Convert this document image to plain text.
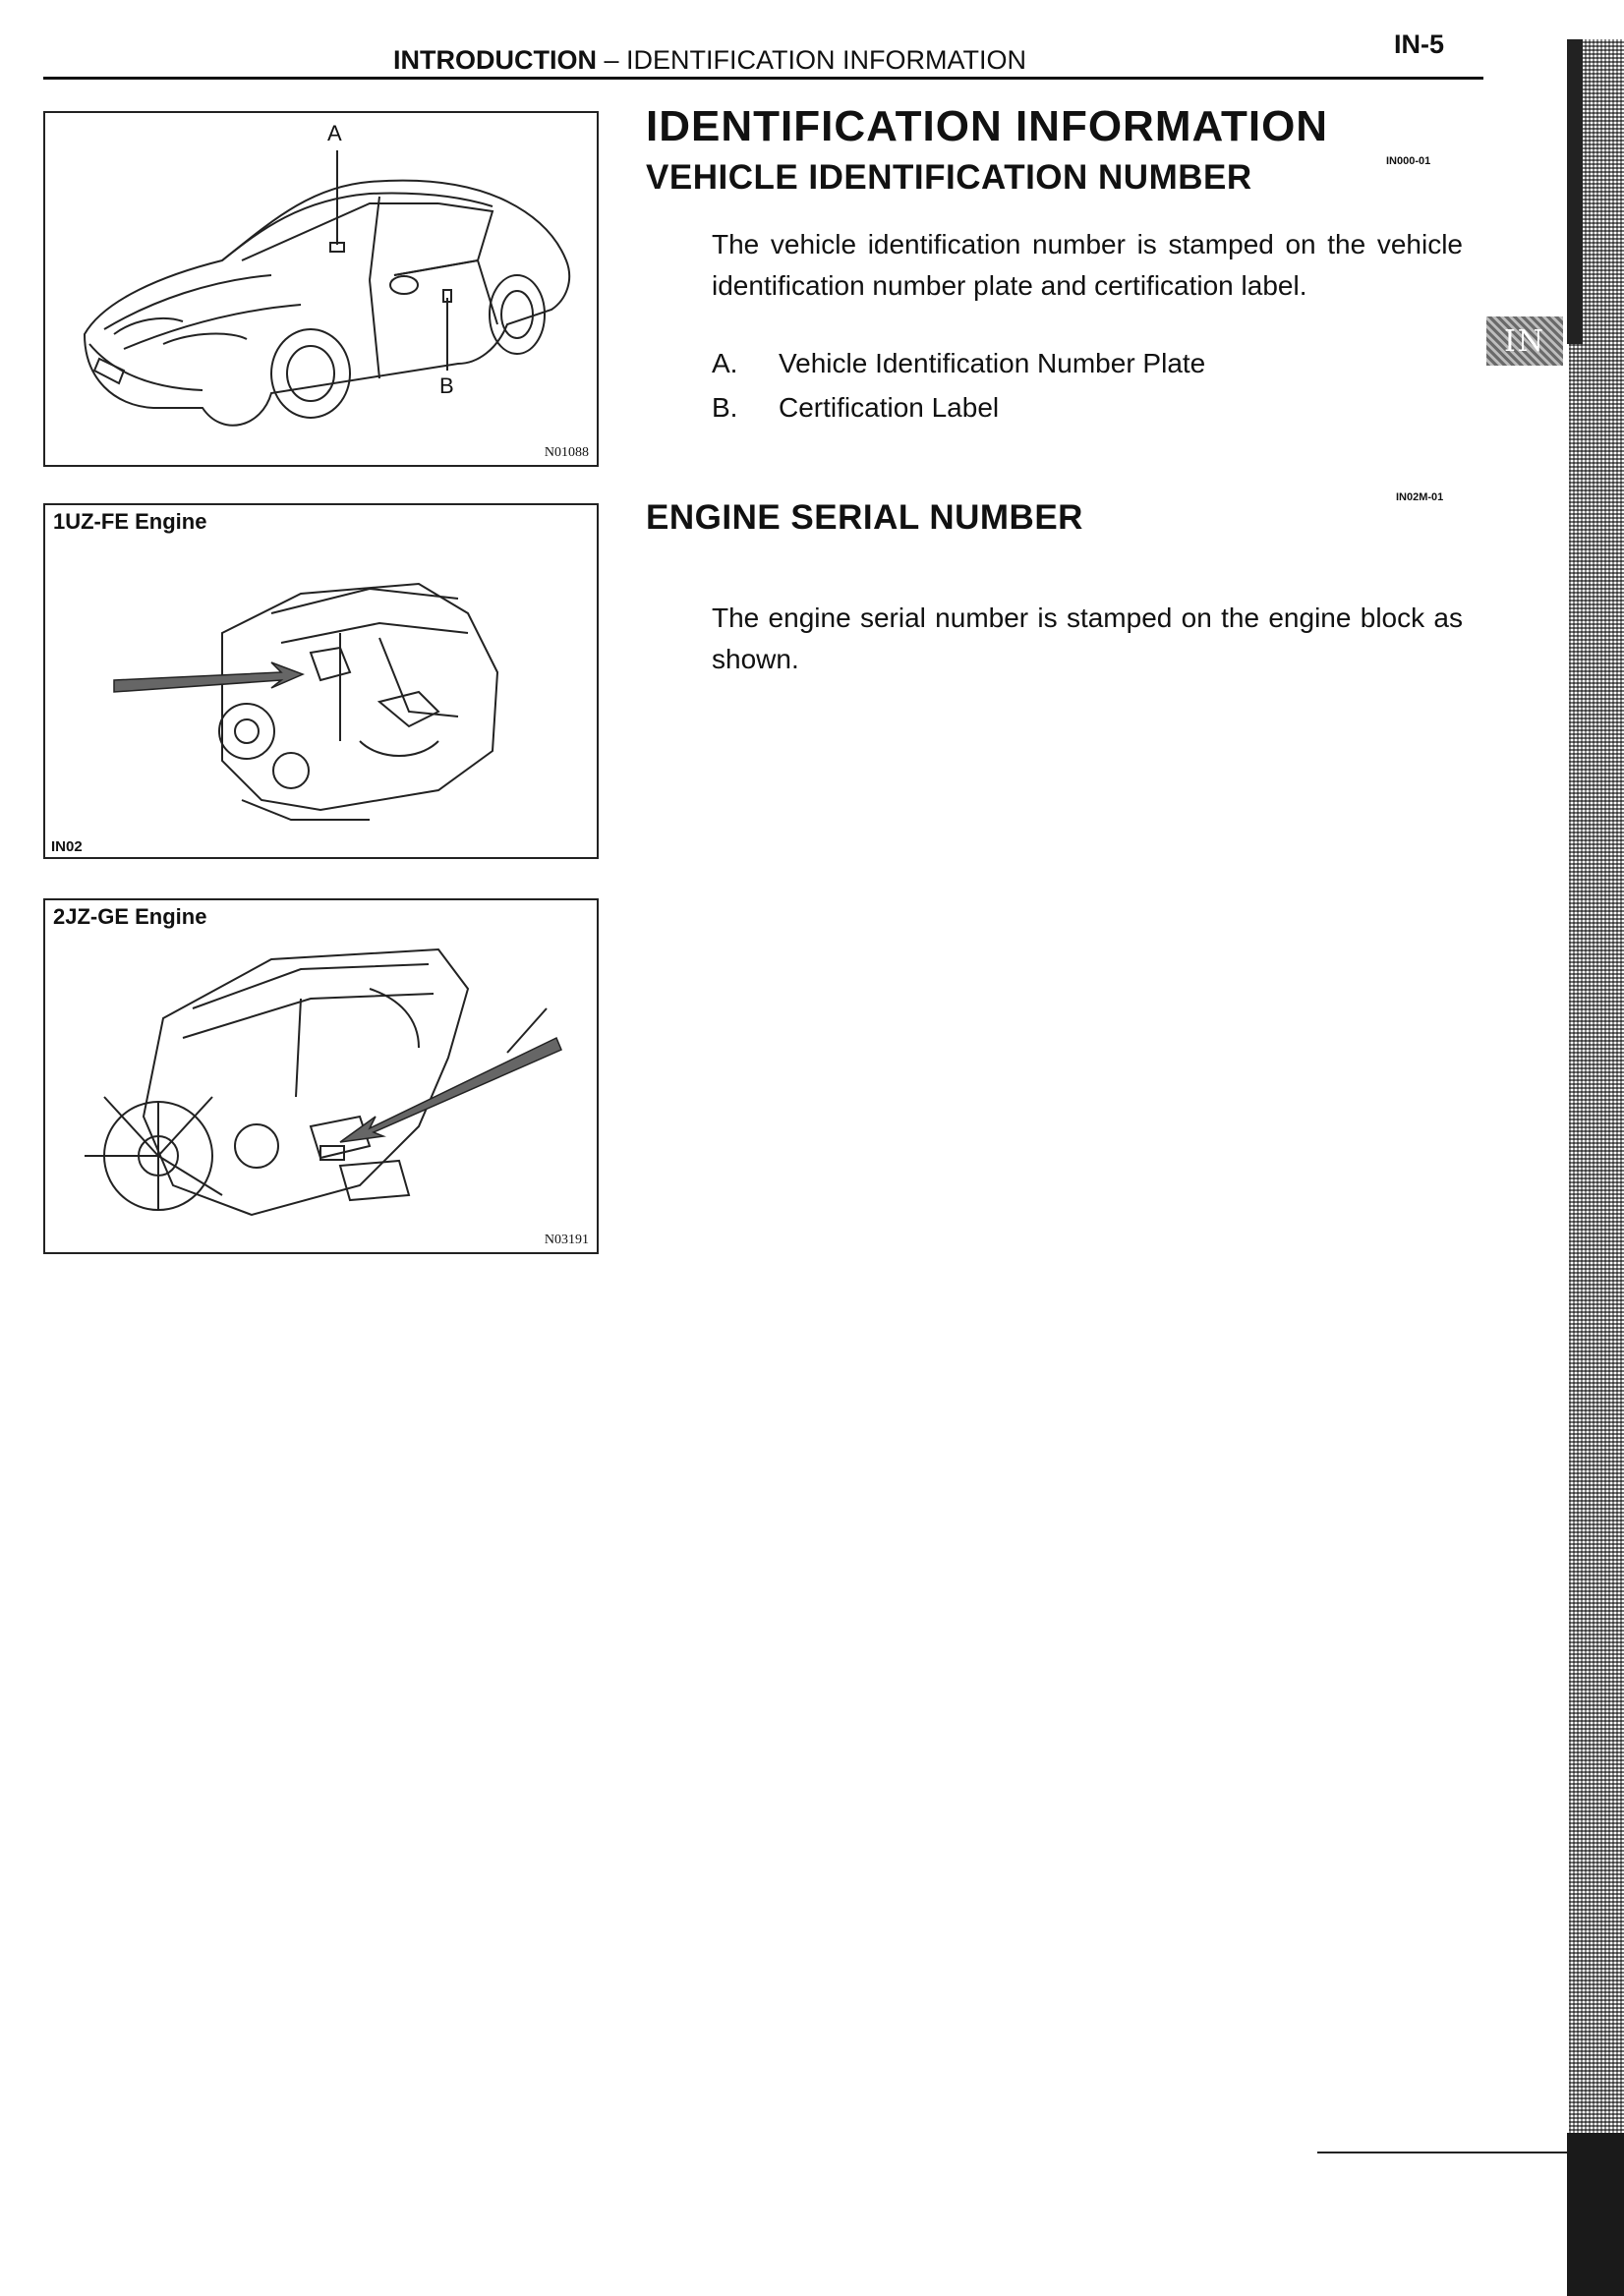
INTRODUCTION – IDENTIFICATION INFORMATION
IN-5
IN
A
B
N01088
1UZ-FE Engine
IN02
2JZ-GE Engine
N03191
IDENTIFICATION INFORMATION
IN000-01
VEHICLE IDENTIFICATION NUMBER
The vehicle identification number is stamped on the vehicle identification number plate and certification label.
A.	Vehicle Identification Number Plate
B.	Certification Label
ENGINE SERIAL NUMBER
IN02M-01
The engine serial number is stamped on the engine block as shown.
